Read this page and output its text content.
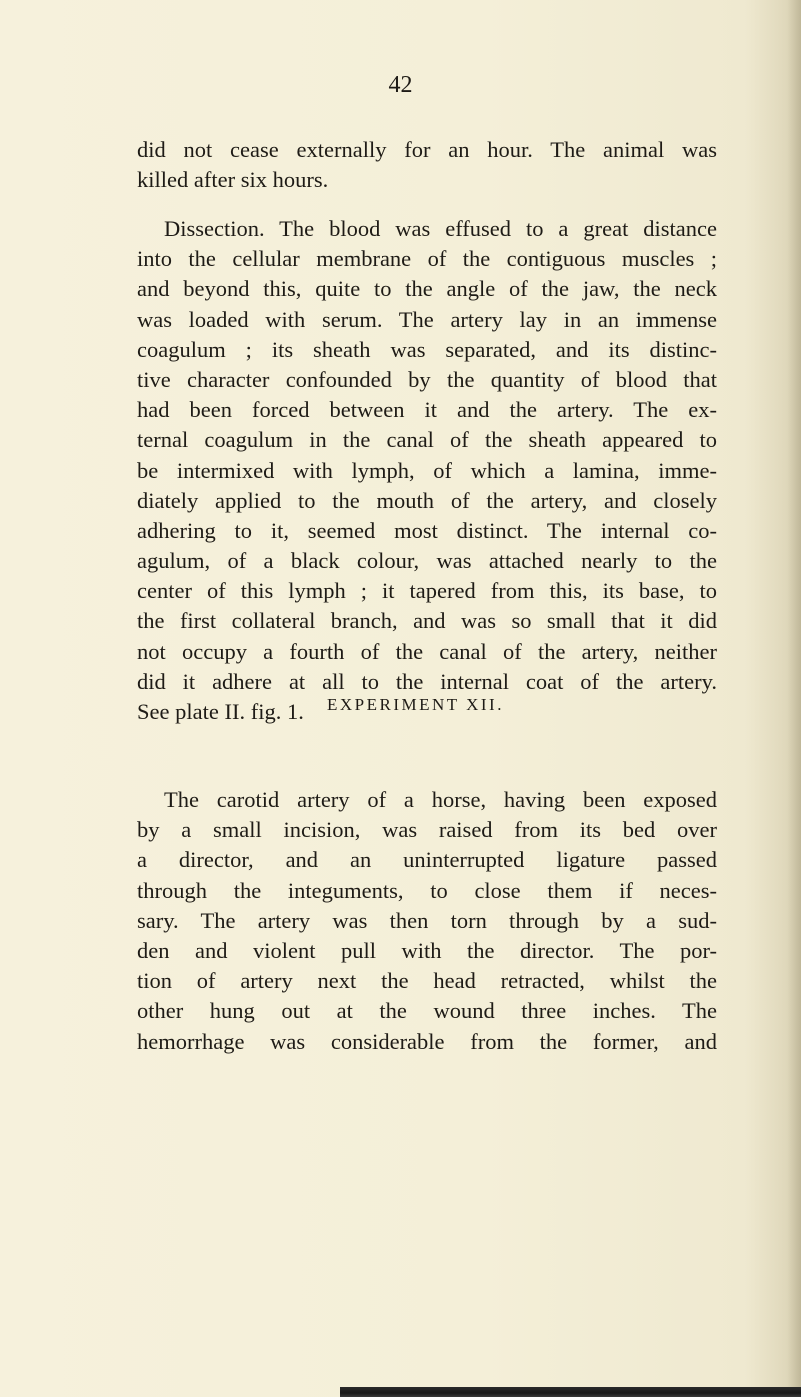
42
did not cease externally for an hour. The animal was
killed after six hours.
Dissection. The blood was effused to a great distance
into the cellular membrane of the contiguous muscles ;
and beyond this, quite to the angle of the jaw, the neck
was loaded with serum. The artery lay in an immense
coagulum ; its sheath was separated, and its distinc-
tive character confounded by the quantity of blood that
had been forced between it and the artery. The ex-
ternal coagulum in the canal of the sheath appeared to
be intermixed with lymph, of which a lamina, imme-
diately applied to the mouth of the artery, and closely
adhering to it, seemed most distinct. The internal co-
agulum, of a black colour, was attached nearly to the
center of this lymph ; it tapered from this, its base, to
the first collateral branch, and was so small that it did
not occupy a fourth of the canal of the artery, neither
did it adhere at all to the internal coat of the artery.
See plate II. fig. 1.	EXPERIMENT XII.
The carotid artery of a horse, having been exposed
by a small incision, was raised from its bed over
a director, and an uninterrupted ligature passed
through the integuments, to close them if neces-
sary. The artery was then torn through by a sud-
den and violent pull with the director. The por-
tion of artery next the head retracted, whilst the
other hung out at the wound three inches. The
hemorrhage was considerable from the former, and
